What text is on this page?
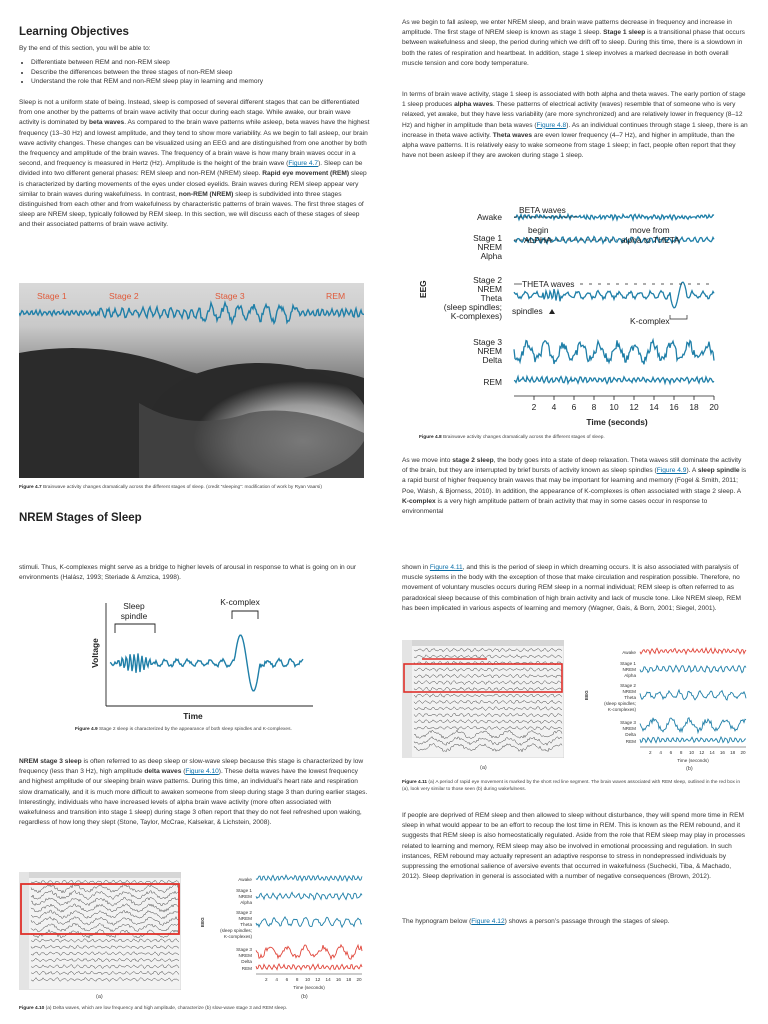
Learning Objectives

By the end of this section, you will be able to:

• Differentiate between REM and non-REM sleep
• Describe the differences between the three stages of non-REM sleep
• Understand the role that REM and non-REM sleep play in learning and memory

Sleep is not a uniform state of being. Instead, sleep is composed of several different stages that can be differentiated from one another by the patterns of brain wave activity that occur during each stage. While awake, our brain wave activity is dominated by beta waves. As compared to the brain wave patterns while asleep, beta waves have the highest frequency (13–30 Hz) and lowest amplitude, and they tend to show more variability. As we begin to fall asleep, our brain wave activity changes. These changes can be visualized using an EEG and are distinguished from one another by both the frequency and amplitude of the brain waves. The frequency of a brain wave is how many brain waves occur in a second, and frequency is measured in Hertz (Hz). Amplitude is the height of the brain wave (Figure 4.7). Sleep can be divided into two different general phases: REM sleep and non-REM (NREM) sleep. Rapid eye movement (REM) sleep is characterized by darting movements of the eyes under closed eyelids. Brain waves during REM sleep appear very similar to brain waves during wakefulness. In contrast, non-REM (NREM) sleep is subdivided into three stages distinguished from each other and from wakefulness by characteristic patterns of brain waves. The first three stages of sleep are NREM sleep, typically followed by REM sleep. In this section, we will discuss each of these stages of sleep and their associated patterns of brain wave activity.

Stage 1	Stage 2	Stage 3	REM

Figure 4.7 Brainwave activity changes dramatically across the different stages of sleep. (credit “sleeping”: modification of work by Ryan Vaarsi)

NREM Stages of Sleep

As we begin to fall asleep, we enter NREM sleep, and brain wave patterns decrease in frequency and increase in amplitude. The first stage of NREM sleep is known as stage 1 sleep. Stage 1 sleep is a transitional phase that occurs between wakefulness and sleep, the period during which we drift off to sleep. During this time, there is a slowdown in both the rates of respiration and heartbeat. In addition, stage 1 sleep involves a marked decrease in both overall muscle tension and core body temperature.

In terms of brain wave activity, stage 1 sleep is associated with both alpha and theta waves. The early portion of stage 1 sleep produces alpha waves. These patterns of electrical activity (waves) resemble that of someone who is very relaxed, yet awake, but they have less variability (are more synchronized) and are relatively lower in frequency (8–12 Hz) and higher in amplitude than beta waves (Figure 4.8). As an individual continues through stage 1 sleep, there is an increase in theta wave activity. Theta waves are even lower frequency (4–7 Hz), and higher in amplitude, than the alpha wave patterns. It is relatively easy to wake someone from stage 1 sleep; in fact, people often report that they have not been asleep if they are awoken during stage 1 sleep.

EEG
Awake
Stage 1
NREM
Alpha
Stage 2
NREM
Theta
(sleep spindles;
K-complexes)
Stage 3
NREM
Delta
REM
BETA waves
begin
ALPHA
move from
alpha to THETA
THETA waves
spindles
K-complex
2 4 6 8 10 12 14 16 18 20
Time (seconds)

Figure 4.8 Brainwave activity changes dramatically across the different stages of sleep.

As we move into stage 2 sleep, the body goes into a state of deep relaxation. Theta waves still dominate the activity of the brain, but they are interrupted by brief bursts of activity known as sleep spindles (Figure 4.9). A sleep spindle is a rapid burst of higher frequency brain waves that may be important for learning and memory (Fogel & Smith, 2011; Poe, Walsh, & Bjorness, 2010). In addition, the appearance of K-complexes is often associated with stage 2 sleep. A K-complex is a very high amplitude pattern of brain activity that may in some cases occur in response to environmental

stimuli. Thus, K-complexes might serve as a bridge to higher levels of arousal in response to what is going on in our environments (Halász, 1993; Steriade & Amzica, 1998).

Sleep
spindle
K-complex
Voltage
Time

Figure 4.9 Stage 2 sleep is characterized by the appearance of both sleep spindles and K-complexes.

NREM stage 3 sleep is often referred to as deep sleep or slow-wave sleep because this stage is characterized by low frequency (less than 3 Hz), high amplitude delta waves (Figure 4.10). These delta waves have the lowest frequency and highest amplitude of our sleeping brain wave patterns. During this time, an individual’s heart rate and respiration slow dramatically, and it is much more difficult to awaken someone from sleep during stage 3 than during earlier stages. Interestingly, individuals who have increased levels of alpha brain wave activity (more often associated with wakefulness and transition into stage 1 sleep) during stage 3 often report that they do not feel refreshed upon waking, regardless of how long they slept (Stone, Taylor, McCrae, Kalsekar, & Lichstein, 2008).

(a)
Awake
Stage 1
NREM
Alpha
Stage 2
NREM
Theta
(sleep spindles;
K-complexes)
Stage 3
NREM
Delta
REM
EEG
2 4 6 8 10 12 14 16 18 20
Time (seconds)
(b)

Figure 4.10 (a) Delta waves, which are low frequency and high amplitude, characterize (b) slow-wave stage 3 and REM sleep.

shown in Figure 4.11, and this is the period of sleep in which dreaming occurs. It is also associated with paralysis of muscle systems in the body with the exception of those that make circulation and respiration possible. Therefore, no movement of voluntary muscles occurs during REM sleep in a normal individual; REM sleep is often referred to as paradoxical sleep because of this combination of high brain activity and lack of muscle tone. Like NREM sleep, REM has been implicated in various aspects of learning and memory (Wagner, Gais, & Born, 2001; Siegel, 2001).

(a)
Awake
Stage 1
NREM
Alpha
Stage 2
NREM
Theta
(sleep spindles;
K-complexes)
Stage 3
NREM
Delta
REM
EEG
2 4 6 8 10 12 14 16 18 20
Time (seconds)
(b)

Figure 4.11 (a) A period of rapid eye movement is marked by the short red line segment. The brain waves associated with REM sleep, outlined in the red box in (a), look very similar to those seen (b) during wakefulness.

If people are deprived of REM sleep and then allowed to sleep without disturbance, they will spend more time in REM sleep in what would appear to be an effort to recoup the lost time in REM. This is known as the REM rebound, and it suggests that REM sleep is also homeostatically regulated. Aside from the role that REM sleep may play in processes related to learning and memory, REM sleep may also be involved in emotional processing and regulation. In such instances, REM rebound may actually represent an adaptive response to stress in nondepressed individuals by suppressing the emotional salience of aversive events that occurred in wakefulness (Suchecki, Tiba, & Machado, 2012). Sleep deprivation in general is associated with a number of negative consequences (Brown, 2012).

The hypnogram below (Figure 4.12) shows a person’s passage through the stages of sleep.
